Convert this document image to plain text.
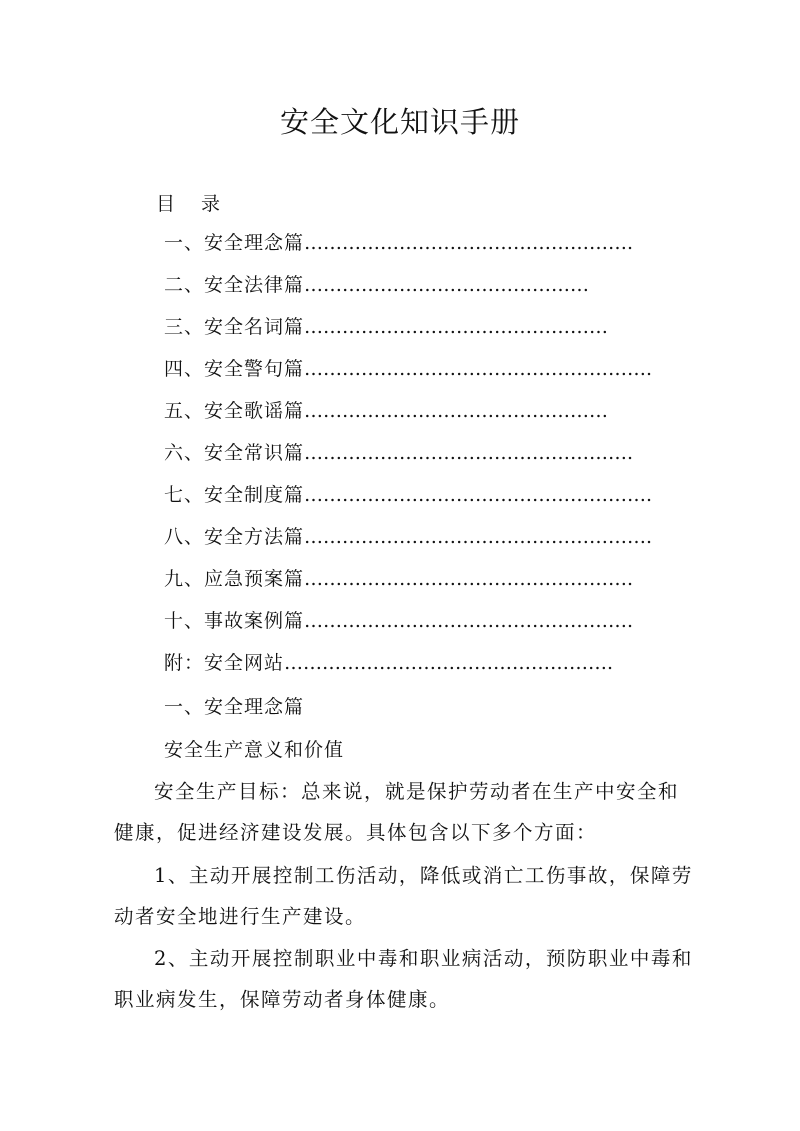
安全文化知识手册
目 录
一、安全理念篇 …………………………………………….
二、安全法律篇 ………………………………………
三、安全名词篇 …………………………………………
四、安全警句篇 ……………………………………………….
五、安全歌谣篇 …………………………………………
六、安全常识篇 …………………………………………….
七、安全制度篇 ……………………………………………….
八、安全方法篇 ……………………………………………….
九、应急预案篇 …………………………………………….
十、事故案例篇 …………………………………………….
附：安全网站 …………………………………………….
一、安全理念篇
安全生产意义和价值

安全生产目标：总来说，就是保护劳动者在生产中安全和健康，促进经济建设发展。具体包含以下多个方面：

1、主动开展控制工伤活动，降低或消亡工伤事故，保障劳动者安全地进行生产建设。

2、主动开展控制职业中毒和职业病活动，预防职业中毒和职业病发生，保障劳动者身体健康。
